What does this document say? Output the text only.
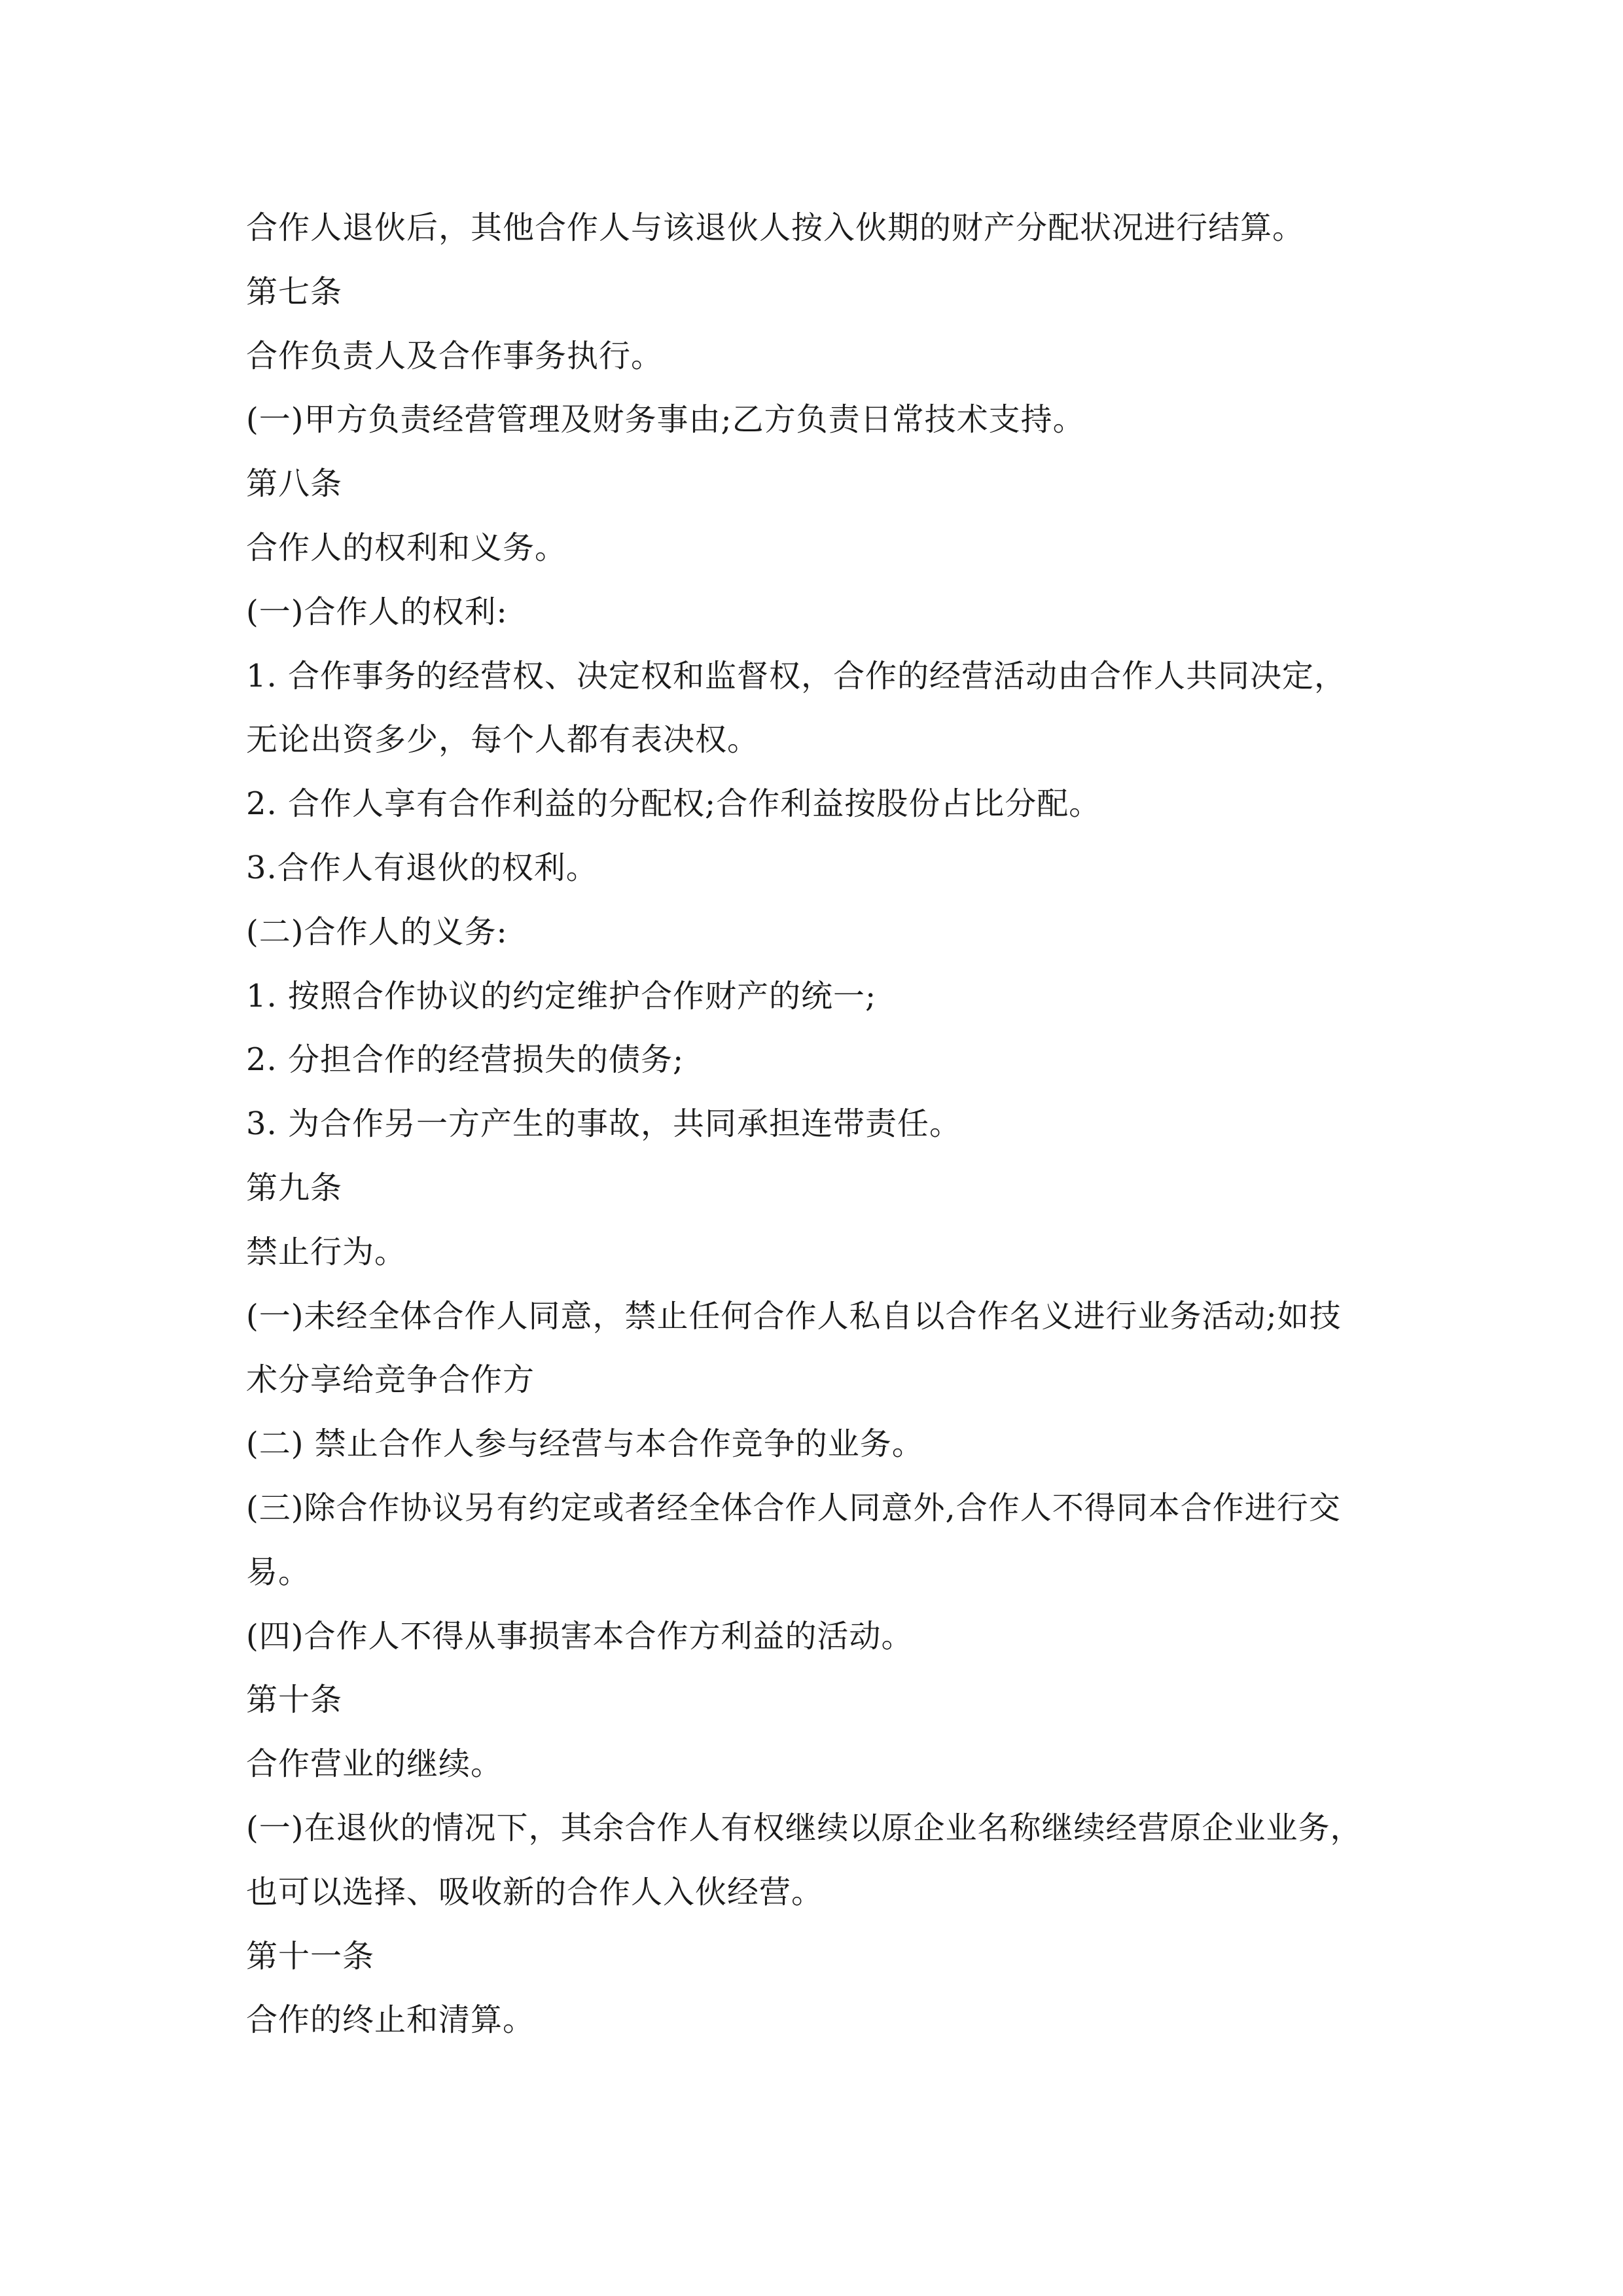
合作人退伙后，其他合作人与该退伙人按入伙期的财产分配状况进行结算。
第七条
合作负责人及合作事务执行。
(一)甲方负责经营管理及财务事由;乙方负责日常技术支持。
第八条
合作人的权利和义务。
(一)合作人的权利:
1. 合作事务的经营权、决定权和监督权，合作的经营活动由合作人共同决定，
无论出资多少，每个人都有表决权。
2. 合作人享有合作利益的分配权;合作利益按股份占比分配。
3.合作人有退伙的权利。
(二)合作人的义务:
1. 按照合作协议的约定维护合作财产的统一;
2. 分担合作的经营损失的债务;
3. 为合作另一方产生的事故，共同承担连带责任。
第九条
禁止行为。
(一)未经全体合作人同意，禁止任何合作人私自以合作名义进行业务活动;如技
术分享给竞争合作方
(二) 禁止合作人参与经营与本合作竞争的业务。
(三)除合作协议另有约定或者经全体合作人同意外,合作人不得同本合作进行交
易。
(四)合作人不得从事损害本合作方利益的活动。
第十条
合作营业的继续。
(一)在退伙的情况下，其余合作人有权继续以原企业名称继续经营原企业业务，
也可以选择、吸收新的合作人入伙经营。
第十一条
合作的终止和清算。
